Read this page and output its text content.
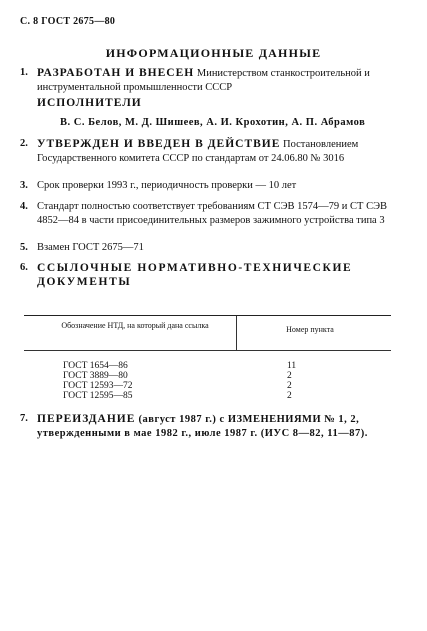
С. 8 ГОСТ 2675—80
ИНФОРМАЦИОННЫЕ ДАННЫЕ
1. РАЗРАБОТАН И ВНЕСЕН Министерством станкостроительной и инструментальной промышленности СССР
ИСПОЛНИТЕЛИ
В. С. Белов, М. Д. Шишеев, А. И. Крохотин, А. П. Абрамов
2. УТВЕРЖДЕН И ВВЕДЕН В ДЕЙСТВИЕ Постановлением Государственного комитета СССР по стандартам от 24.06.80 № 3016
3. Срок проверки 1993 г., периодичность проверки — 10 лет
4. Стандарт полностью соответствует требованиям СТ СЭВ 1574—79 и СТ СЭВ 4852—84 в части присоединительных размеров зажимного устройства типа 3
5. Взамен ГОСТ 2675—71
6. ССЫЛОЧНЫЕ НОРМАТИВНО-ТЕХНИЧЕСКИЕ ДОКУМЕНТЫ
Обозначение НТД, на который дана ссылка	Номер пункта
ГОСТ 1654—86	11
ГОСТ 3889—80	2
ГОСТ 12593—72	2
ГОСТ 12595—85	2
7. ПЕРЕИЗДАНИЕ (август 1987 г.) с ИЗМЕНЕНИЯМИ № 1, 2, утвержденными в мае 1982 г., июле 1987 г. (ИУС 8—82, 11—87).
